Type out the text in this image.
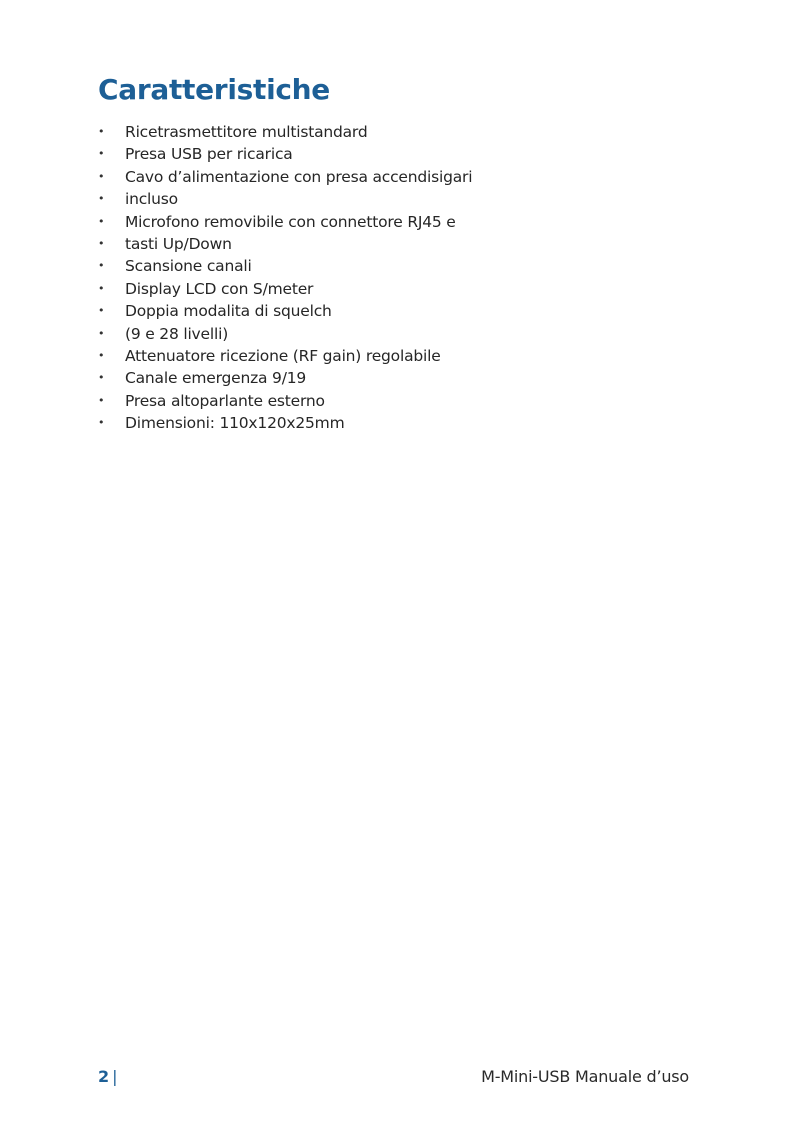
Caratteristiche
• Ricetrasmettitore multistandard
• Presa USB per ricarica
• Cavo d’alimentazione con presa accendisigari
• incluso
• Microfono removibile con connettore RJ45 e
• tasti Up/Down
• Scansione canali
• Display LCD con S/meter
• Doppia modalita di squelch
• (9 e 28 livelli)
• Attenuatore ricezione (RF gain) regolabile
• Canale emergenza 9/19
• Presa altoparlante esterno
• Dimensioni: 110x120x25mm
2 |	M-Mini-USB Manuale d’uso
